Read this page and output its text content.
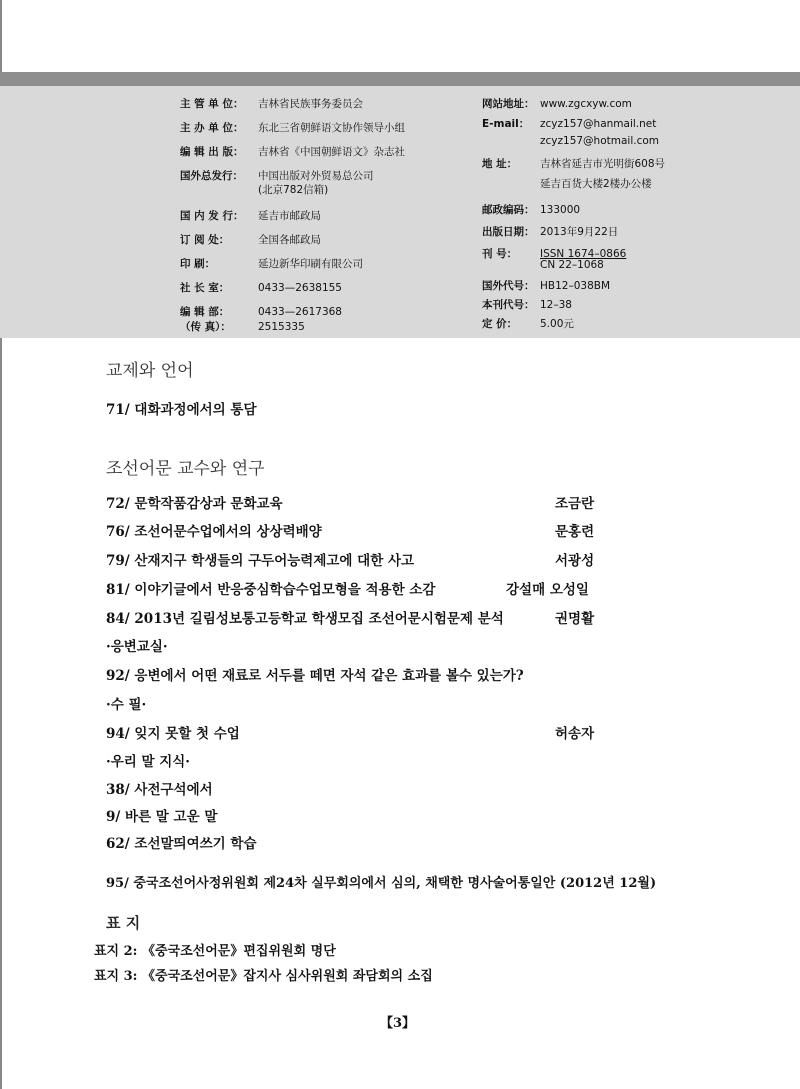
主 管 单 位： 吉林省民族事务委员会
主 办 单 位： 东北三省朝鲜语文协作领导小组
编 辑 出 版： 吉林省《中国朝鲜语文》杂志社
国外总发行： 中国出版对外贸易总公司
(北京782信箱)
国 内 发 行： 延吉市邮政局
订 阅 处：	全国各邮政局
印 刷：	延边新华印刷有限公司
社 长 室：	0433—2638155
编 辑 部：	0433—2617368
（传 真）：	2515335
网站地址： www.zgcxyw.com
E-mail： zcyz157@hanmail.net
zcyz157@hotmail.com
地 址： 吉林省延吉市光明街608号
延吉百货大楼2楼办公楼
邮政编码： 133000
出版日期： 2013年9月22日
刊 号： ISSN 1674–0866
CN 22–1068
国外代号： HB12–038BM
本刊代号： 12–38
定 价： 5.00元
교제와 언어
71/ 대화과정에서의 통담
조선어문 교수와 연구
72/ 문학작품감상과 문화교육	조금란
76/ 조선어문수업에서의 상상력배양	문홍련
79/ 산재지구 학생들의 구두어능력제고에 대한 사고	서광성
81/ 이야기글에서 반응중심학습수업모형을 적용한 소감	강설매 오성일
84/ 2013년 길림성보통고등학교 학생모집 조선어문시험문제 분석	권명활
·응변교실·
92/ 응변에서 어떤 재료로 서두를 떼면 자석 같은 효과를 볼수 있는가?
·수 필·
94/ 잊지 못할 첫 수업	허송자
·우리 말 지식·
38/ 사전구석에서
9/ 바른 말 고운 말
62/ 조선말띄여쓰기 학습
95/ 중국조선어사정위원회 제24차 실무회의에서 심의, 채택한 명사술어통일안 (2012년 12월)
표 지
표지 2: 《중국조선어문》편집위원회 명단
표지 3: 《중국조선어문》잡지사 심사위원회 좌담회의 소집
【3】
